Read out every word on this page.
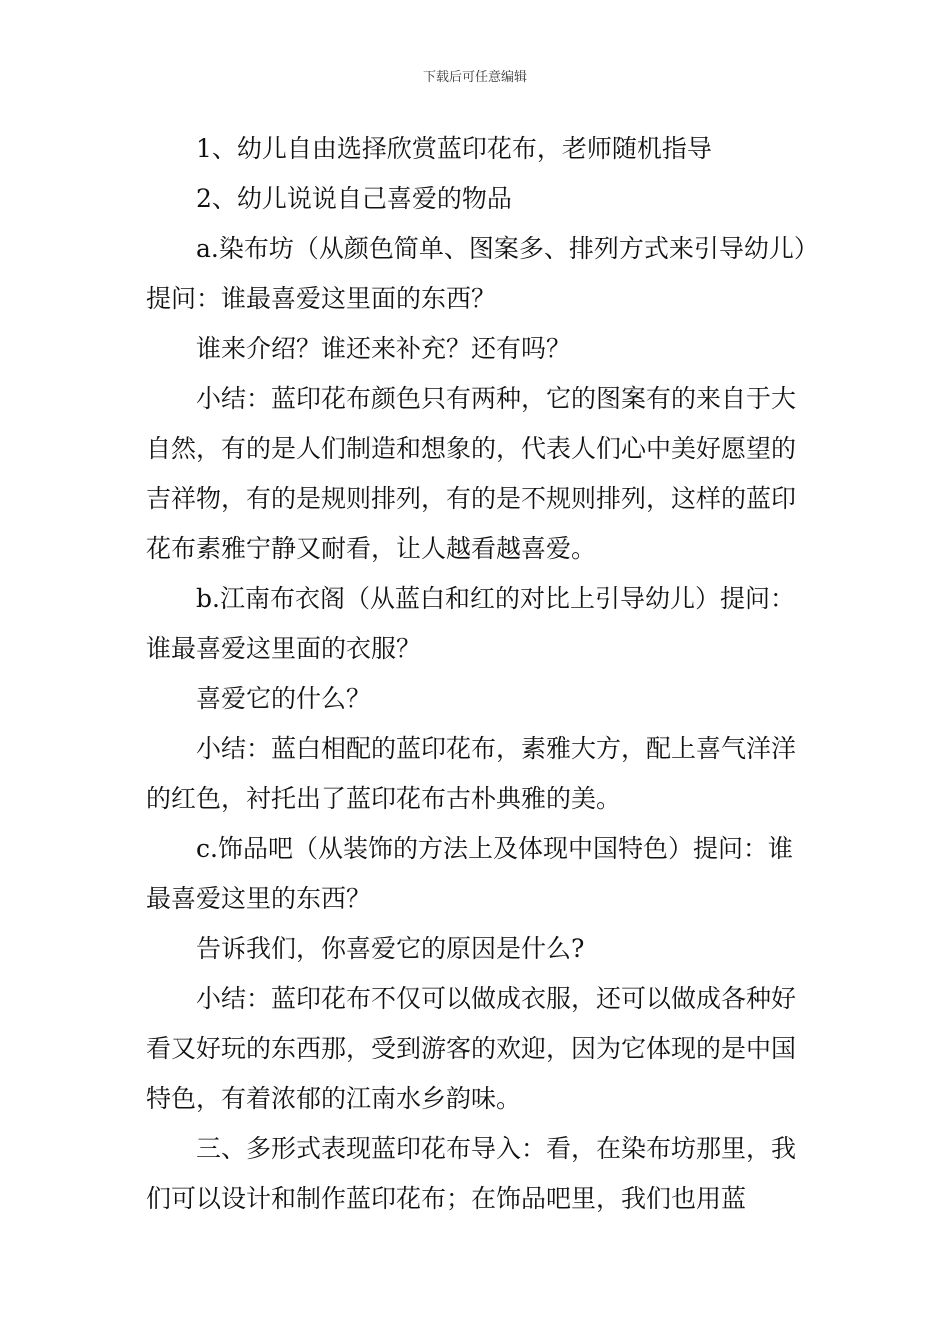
下载后可任意编辑

1、幼儿自由选择欣赏蓝印花布，老师随机指导

2、幼儿说说自己喜爱的物品

a.染布坊（从颜色简单、图案多、排列方式来引导幼儿）提问：谁最喜爱这里面的东西？

谁来介绍？谁还来补充？还有吗？

小结：蓝印花布颜色只有两种，它的图案有的来自于大自然，有的是人们制造和想象的，代表人们心中美好愿望的吉祥物，有的是规则排列，有的是不规则排列，这样的蓝印花布素雅宁静又耐看，让人越看越喜爱。

b.江南布衣阁（从蓝白和红的对比上引导幼儿）提问：谁最喜爱这里面的衣服？

喜爱它的什么？

小结：蓝白相配的蓝印花布，素雅大方，配上喜气洋洋的红色，衬托出了蓝印花布古朴典雅的美。

c.饰品吧（从装饰的方法上及体现中国特色）提问：谁最喜爱这里的东西？

告诉我们，你喜爱它的原因是什么?

小结：蓝印花布不仅可以做成衣服，还可以做成各种好看又好玩的东西那，受到游客的欢迎，因为它体现的是中国特色，有着浓郁的江南水乡韵味。

三、多形式表现蓝印花布导入：看，在染布坊那里，我们可以设计和制作蓝印花布；在饰品吧里，我们也用蓝
